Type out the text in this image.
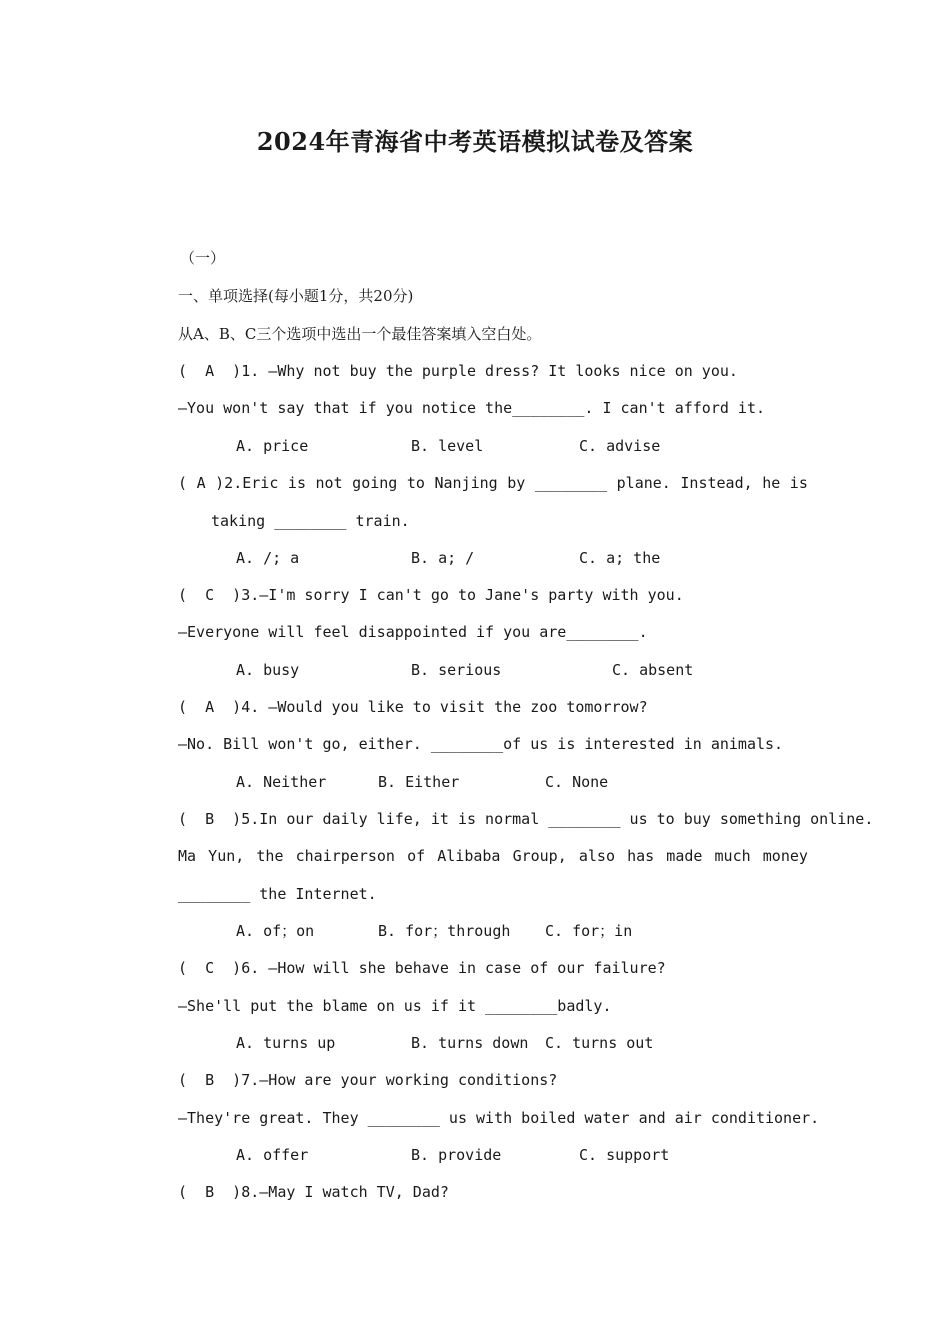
2024年青海省中考英语模拟试卷及答案
（一）
一、单项选择(每小题1分，共20分)
从A、B、C三个选项中选出一个最佳答案填入空白处。
(  A  )1. —Why not buy the purple dress? It looks nice on you.
—You won't say that if you notice the________. I can't afford it.
A. price	B. level	C. advise
( A )2.Eric is not going to Nanjing by ________ plane. Instead, he is
taking ________ train.
A. /; a	B. a; /	C. a; the
(  C  )3.—I'm sorry I can't go to Jane's party with you.
—Everyone will feel disappointed if you are________.
A. busy	B. serious	C. absent
(  A  )4. —Would you like to visit the zoo tomorrow?
—No. Bill won't go, either. ________of us is interested in animals.
A. Neither	B. Either	C. None
(  B  )5.In our daily life, it is normal ________ us to buy something online.
Ma Yun, the chairperson of Alibaba Group, also has made much money
________ the Internet.
A. of；on	B. for；through C. for；in
(  C  )6. —How will she behave in case of our failure?
—She'll put the blame on us if it ________badly.
A. turns up	B. turns down C. turns out
(  B  )7.—How are your working conditions?
—They're great. They ________ us with boiled water and air conditioner.
A. offer	B. provide	C. support
(  B  )8.—May I watch TV, Dad?
